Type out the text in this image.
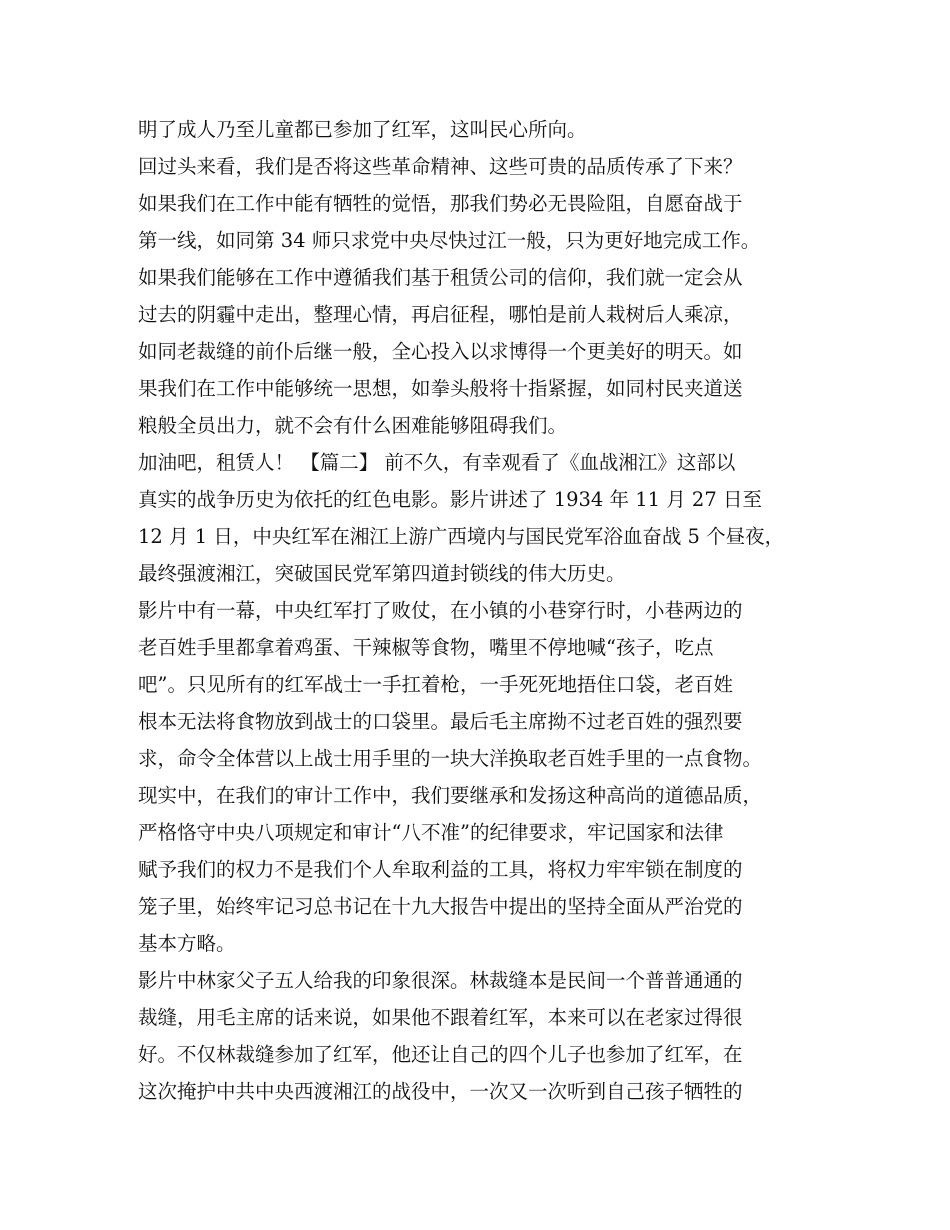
明了成人乃至儿童都已参加了红军，这叫民心所向。
回过头来看，我们是否将这些革命精神、这些可贵的品质传承了下来？
如果我们在工作中能有牺牲的觉悟，那我们势必无畏险阻，自愿奋战于
第一线，如同第 34 师只求党中央尽快过江一般，只为更好地完成工作。
如果我们能够在工作中遵循我们基于租赁公司的信仰，我们就一定会从
过去的阴霾中走出，整理心情，再启征程，哪怕是前人栽树后人乘凉，
如同老裁缝的前仆后继一般，全心投入以求博得一个更美好的明天。如
果我们在工作中能够统一思想，如拳头般将十指紧握，如同村民夹道送
粮般全员出力，就不会有什么困难能够阻碍我们。
加油吧，租赁人！ 【篇二】 前不久，有幸观看了《血战湘江》这部以
真实的战争历史为依托的红色电影。影片讲述了 1934 年 11 月 27 日至
12 月 1 日，中央红军在湘江上游广西境内与国民党军浴血奋战 5 个昼夜，
最终强渡湘江，突破国民党军第四道封锁线的伟大历史。
影片中有一幕，中央红军打了败仗，在小镇的小巷穿行时，小巷两边的
老百姓手里都拿着鸡蛋、干辣椒等食物，嘴里不停地喊“孩子，吃点
吧”。只见所有的红军战士一手扛着枪，一手死死地捂住口袋，老百姓
根本无法将食物放到战士的口袋里。最后毛主席拗不过老百姓的强烈要
求，命令全体营以上战士用手里的一块大洋换取老百姓手里的一点食物。
现实中，在我们的审计工作中，我们要继承和发扬这种高尚的道德品质，
严格恪守中央八项规定和审计“八不准”的纪律要求，牢记国家和法律
赋予我们的权力不是我们个人牟取利益的工具，将权力牢牢锁在制度的
笼子里，始终牢记习总书记在十九大报告中提出的坚持全面从严治党的
基本方略。
影片中林家父子五人给我的印象很深。林裁缝本是民间一个普普通通的
裁缝，用毛主席的话来说，如果他不跟着红军，本来可以在老家过得很
好。不仅林裁缝参加了红军，他还让自己的四个儿子也参加了红军，在
这次掩护中共中央西渡湘江的战役中，一次又一次听到自己孩子牺牲的
